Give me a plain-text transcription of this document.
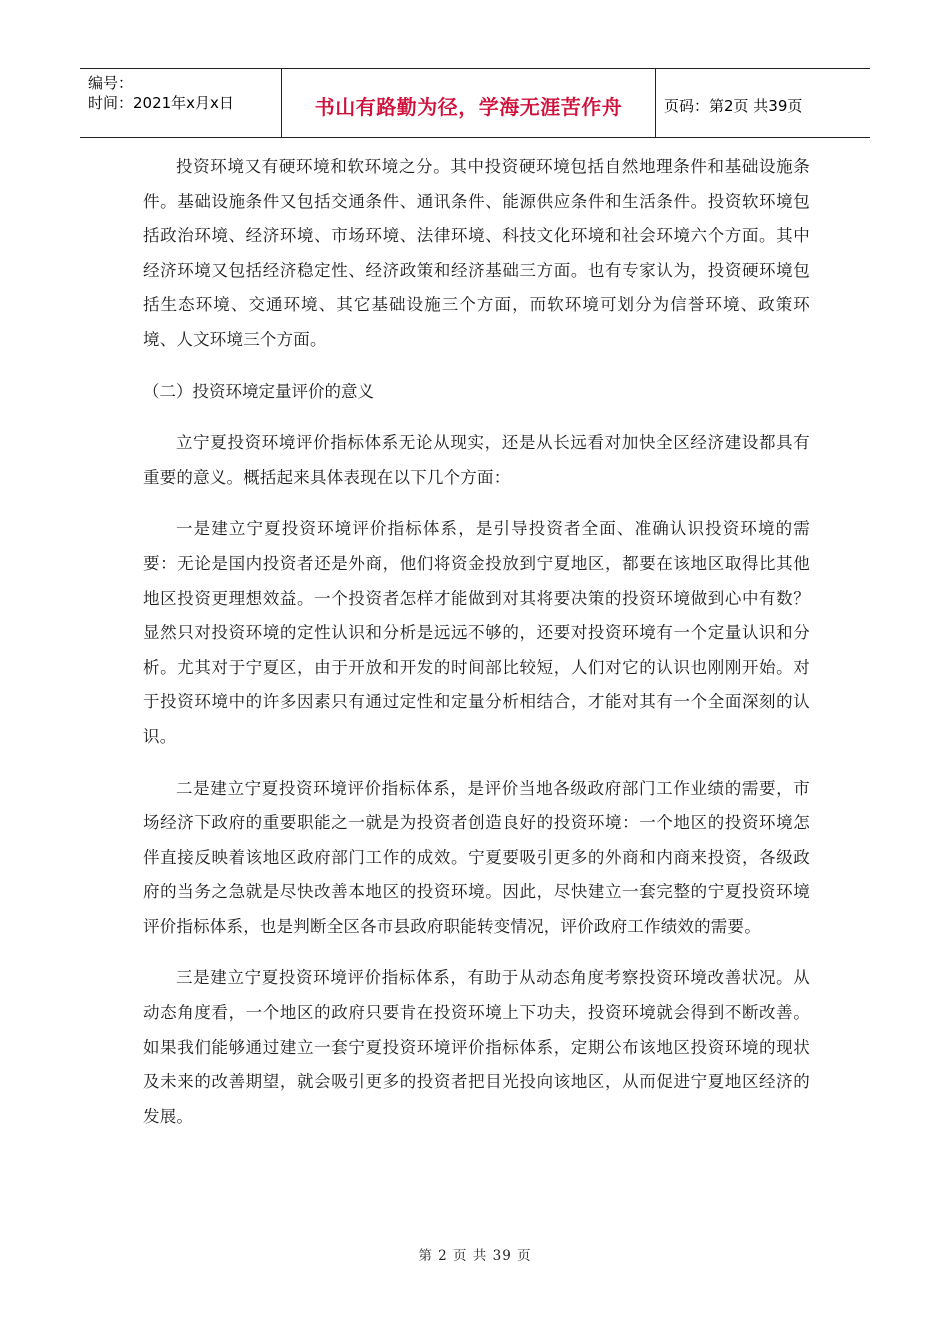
编号：
时间：2021年x月x日	书山有路勤为径，学海无涯苦作舟	页码：第2页 共39页

投资环境又有硬环境和软环境之分。其中投资硬环境包括自然地理条件和基础设施条件。基础设施条件又包括交通条件、通讯条件、能源供应条件和生活条件。投资软环境包括政治环境、经济环境、市场环境、法律环境、科技文化环境和社会环境六个方面。其中经济环境又包括经济稳定性、经济政策和经济基础三方面。也有专家认为，投资硬环境包括生态环境、交通环境、其它基础设施三个方面，而软环境可划分为信誉环境、政策环境、人文环境三个方面。

（二）投资环境定量评价的意义

立宁夏投资环境评价指标体系无论从现实，还是从长远看对加快全区经济建设都具有重要的意义。概括起来具体表现在以下几个方面：

一是建立宁夏投资环境评价指标体系，是引导投资者全面、准确认识投资环境的需要：无论是国内投资者还是外商，他们将资金投放到宁夏地区，都要在该地区取得比其他地区投资更理想效益。一个投资者怎样才能做到对其将要决策的投资环境做到心中有数？显然只对投资环境的定性认识和分析是远远不够的，还要对投资环境有一个定量认识和分析。尤其对于宁夏区，由于开放和开发的时间部比较短，人们对它的认识也刚刚开始。对于投资环境中的许多因素只有通过定性和定量分析相结合，才能对其有一个全面深刻的认识。

二是建立宁夏投资环境评价指标体系，是评价当地各级政府部门工作业绩的需要，市场经济下政府的重要职能之一就是为投资者创造良好的投资环境：一个地区的投资环境怎伴直接反映着该地区政府部门工作的成效。宁夏要吸引更多的外商和内商来投资，各级政府的当务之急就是尽快改善本地区的投资环境。因此，尽快建立一套完整的宁夏投资环境评价指标体系，也是判断全区各市县政府职能转变情况，评价政府工作绩效的需要。

三是建立宁夏投资环境评价指标体系，有助于从动态角度考察投资环境改善状况。从动态角度看，一个地区的政府只要肯在投资环境上下功夫，投资环境就会得到不断改善。如果我们能够通过建立一套宁夏投资环境评价指标体系，定期公布该地区投资环境的现状及未来的改善期望，就会吸引更多的投资者把目光投向该地区，从而促进宁夏地区经济的发展。

第 2 页 共 39 页
